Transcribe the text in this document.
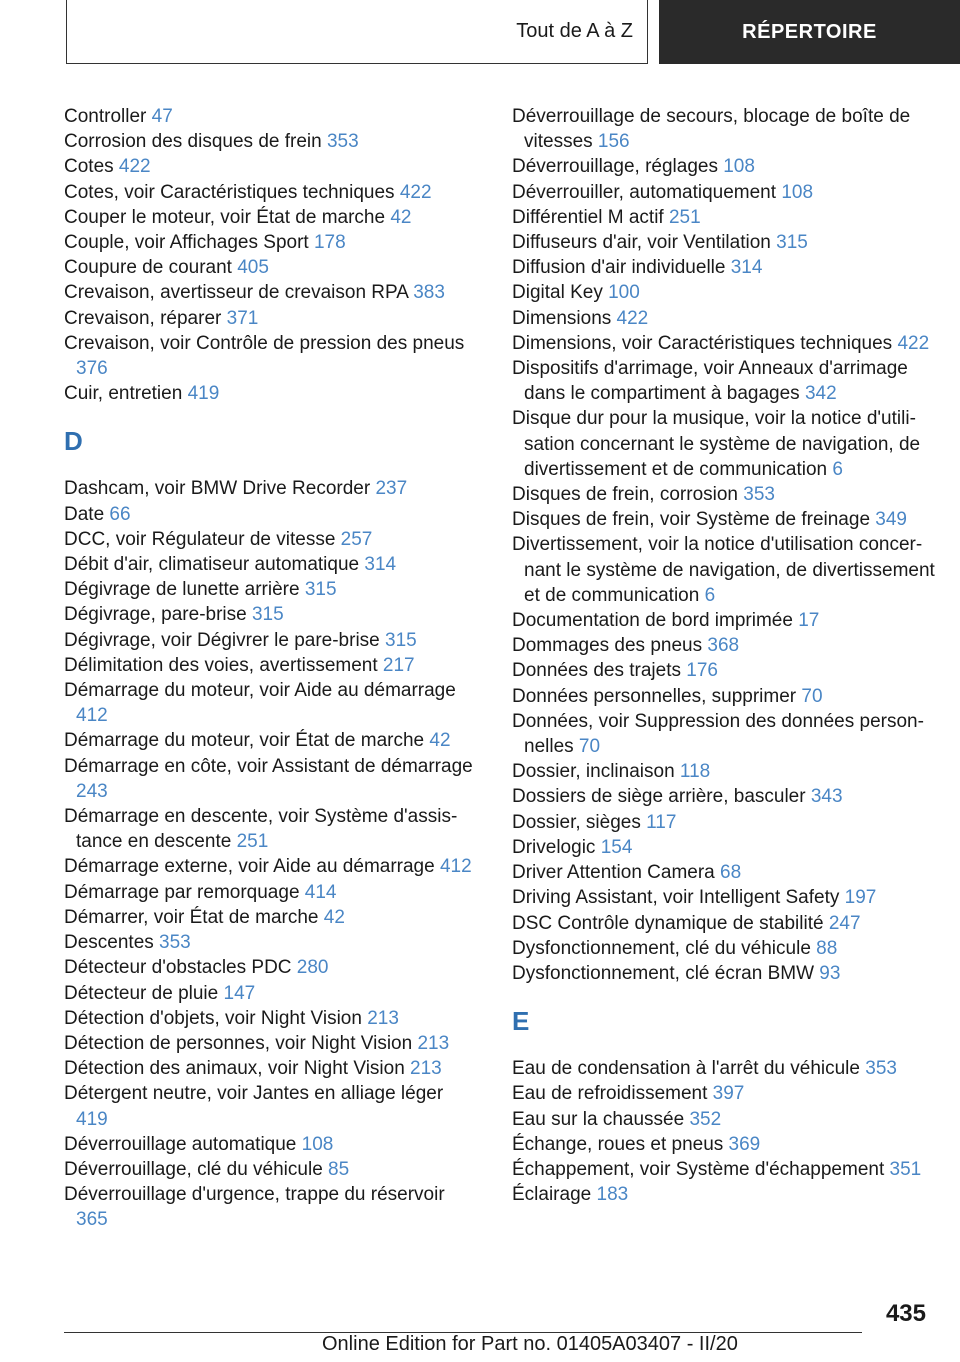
Tout de A à Z	RÉPERTOIRE
Controller 47
Corrosion des disques de frein 353
Cotes 422
Cotes, voir Caractéristiques techniques 422
Couper le moteur, voir État de marche 42
Couple, voir Affichages Sport 178
Coupure de courant 405
Crevaison, avertisseur de crevaison RPA 383
Crevaison, réparer 371
Crevaison, voir Contrôle de pression des pneus 376
Cuir, entretien 419
D
Dashcam, voir BMW Drive Recorder 237
Date 66
DCC, voir Régulateur de vitesse 257
Débit d'air, climatiseur automatique 314
Dégivrage de lunette arrière 315
Dégivrage, pare-brise 315
Dégivrage, voir Dégivrer le pare-brise 315
Délimitation des voies, avertissement 217
Démarrage du moteur, voir Aide au démarrage 412
Démarrage du moteur, voir État de marche 42
Démarrage en côte, voir Assistant de démarrage 243
Démarrage en descente, voir Système d'assistance en descente 251
Démarrage externe, voir Aide au démarrage 412
Démarrage par remorquage 414
Démarrer, voir État de marche 42
Descentes 353
Détecteur d'obstacles PDC 280
Détecteur de pluie 147
Détection d'objets, voir Night Vision 213
Détection de personnes, voir Night Vision 213
Détection des animaux, voir Night Vision 213
Détergent neutre, voir Jantes en alliage léger 419
Déverrouillage automatique 108
Déverrouillage, clé du véhicule 85
Déverrouillage d'urgence, trappe du réservoir 365
Déverrouillage de secours, blocage de boîte de vitesses 156
Déverrouillage, réglages 108
Déverrouiller, automatiquement 108
Différentiel M actif 251
Diffuseurs d'air, voir Ventilation 315
Diffusion d'air individuelle 314
Digital Key 100
Dimensions 422
Dimensions, voir Caractéristiques techniques 422
Dispositifs d'arrimage, voir Anneaux d'arrimage dans le compartiment à bagages 342
Disque dur pour la musique, voir la notice d'utilisation concernant le système de navigation, de divertissement et de communication 6
Disques de frein, corrosion 353
Disques de frein, voir Système de freinage 349
Divertissement, voir la notice d'utilisation concernant le système de navigation, de divertissement et de communication 6
Documentation de bord imprimée 17
Dommages des pneus 368
Données des trajets 176
Données personnelles, supprimer 70
Données, voir Suppression des données personnelles 70
Dossier, inclinaison 118
Dossiers de siège arrière, basculer 343
Dossier, sièges 117
Drivelogic 154
Driver Attention Camera 68
Driving Assistant, voir Intelligent Safety 197
DSC Contrôle dynamique de stabilité 247
Dysfonctionnement, clé du véhicule 88
Dysfonctionnement, clé écran BMW 93
E
Eau de condensation à l'arrêt du véhicule 353
Eau de refroidissement 397
Eau sur la chaussée 352
Échange, roues et pneus 369
Échappement, voir Système d'échappement 351
Éclairage 183
435
Online Edition for Part no. 01405A03407 - II/20
